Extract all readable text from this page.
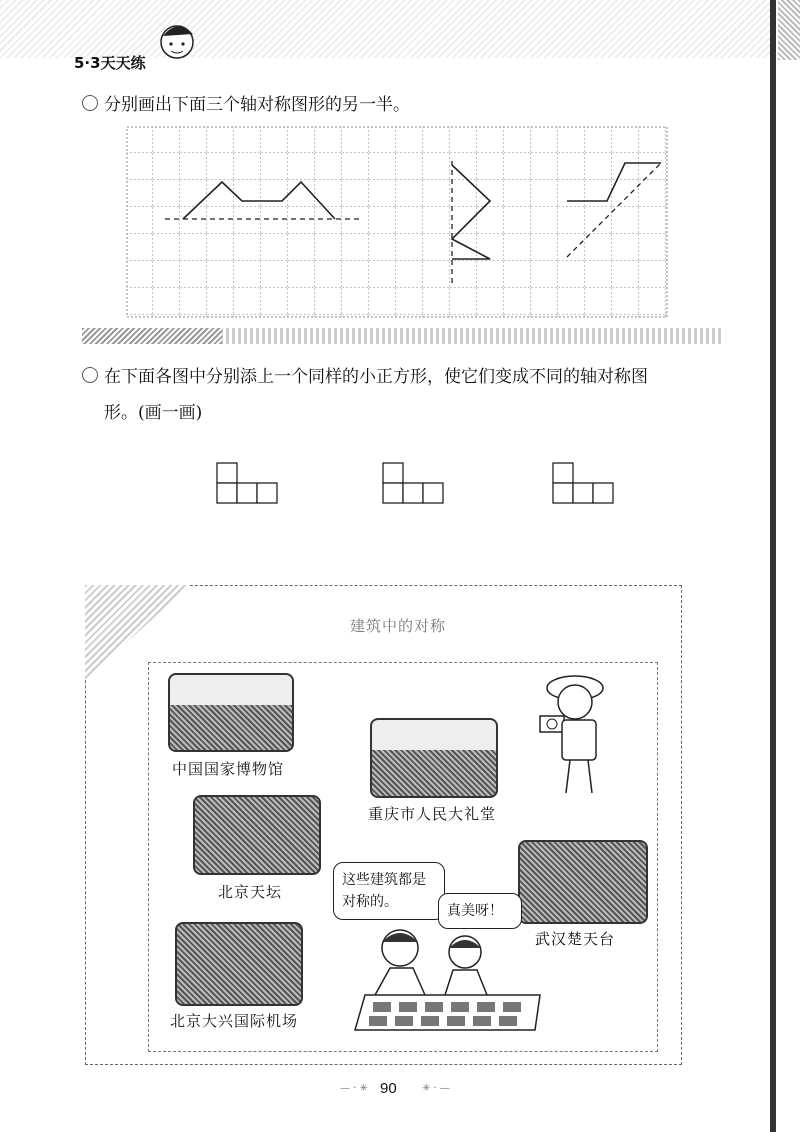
5·3天天练
分别画出下面三个轴对称图形的另一半。
在下面各图中分别添上一个同样的小正方形，使它们变成不同的轴对称图
形。(画一画)
建筑中的对称
中国国家博物馆
重庆市人民大礼堂
北京天坛
武汉楚天台
北京大兴国际机场
这些建筑都是对称的。
真美呀！
— · ✳ 90	✳ · —
